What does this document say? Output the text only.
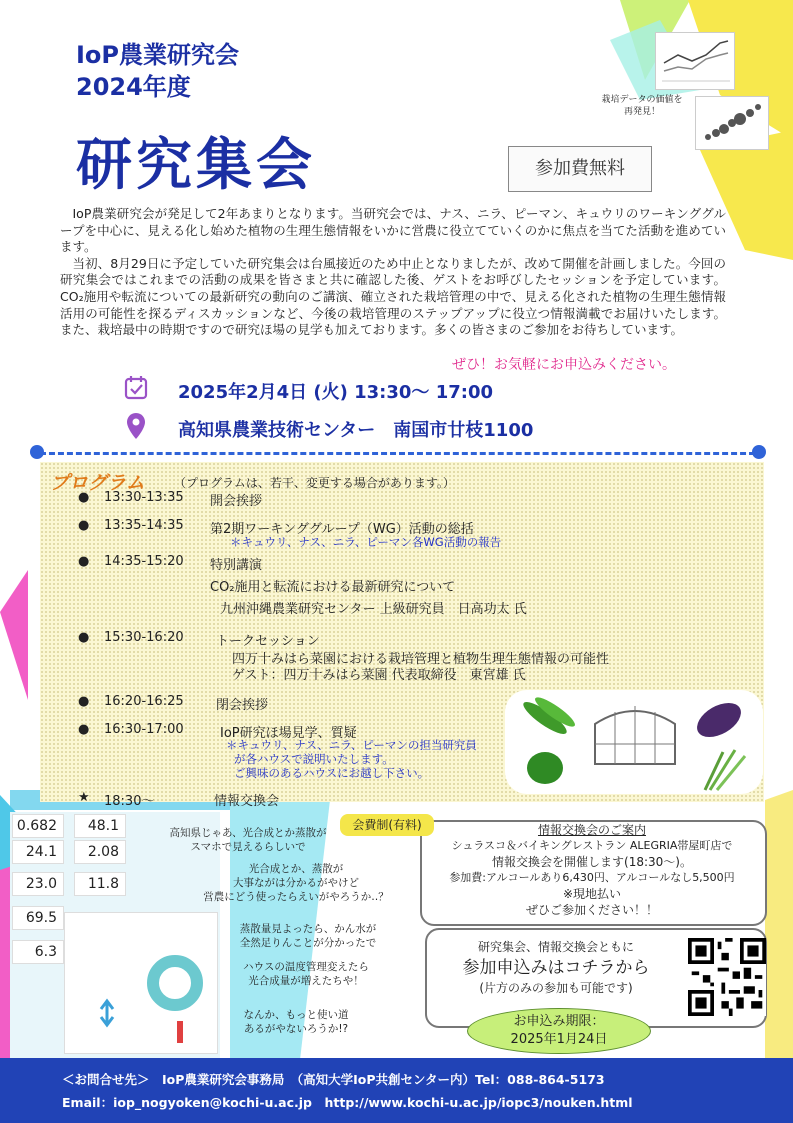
栽培データの価値を
再発見！
IoP農業研究会
2024年度
研究集会	参加費無料

IoP農業研究会が発足して2年あまりとなります。当研究会では、ナス、ニラ、ピーマン、キュウリのワーキンググループを中心に、見える化し始めた植物の生理生態情報をいかに営農に役立てていくのかに焦点を当てた活動を進めています。

当初、8月29日に予定していた研究集会は台風接近のため中止となりましたが、改めて開催を計画しました。今回の研究集会ではこれまでの活動の成果を皆さまと共に確認した後、ゲストをお呼びしたセッションを予定しています。CO₂施用や転流についての最新研究の動向のご講演、確立された栽培管理の中で、見える化された植物の生理生態情報活用の可能性を探るディスカッションなど、今後の栽培管理のステップアップに役立つ情報満載でお届けいたします。また、栽培最中の時期ですので研究ほ場の見学も加えております。多くの皆さまのご参加をお待ちしています。

ぜひ！お気軽にお申込みください。
2025年2月4日 (火) 13:30～ 17:00
高知県農業技術センター　南国市廿枝1100
プログラム （プログラムは、若干、変更する場合があります。）
● 13:30-13:35 開会挨拶
● 13:35-14:35 第2期ワーキンググループ（WG）活動の総括
＊キュウリ、ナス、ニラ、ピーマン各WG活動の報告
● 14:35-15:20 特別講演
CO₂施用と転流における最新研究について
九州沖縄農業研究センター 上級研究員　日高功太 氏
● 15:30-16:20 トークセッション
四万十みはら菜園における栽培管理と植物生理生態情報の可能性
ゲスト：四万十みはら菜園 代表取締役　東宮雄 氏
● 16:20-16:25 閉会挨拶
● 16:30-17:00	IoP研究ほ場見学、質疑
＊キュウリ、ナス、ニラ、ピーマンの担当研究員
が各ハウスで説明いたします。
ご興味のあるハウスにお越し下さい。
★ 18:30～	情報交換会
0.682 48.1
24.1 2.08
23.0 11.8
69.5
6.3
高知県じゃあ、光合成とか蒸散が
スマホで見えるらしいで
光合成とか、蒸散が
大事ながは分かるがやけど
営農にどう使ったらえいがやろうか‥？
蒸散量見よったら、かん水が
全然足りんことが分かったで
ハウスの温度管理変えたら
光合成量が増えたちや！
なんか、もっと使い道
あるがやないろうか!?
会費制(有料)	情報交換会のご案内
シュラスコ＆バイキングレストラン ALEGRIA帯屋町店で
情報交換会を開催します(18:30～)。
参加費:アルコールあり6,430円、アルコールなし5,500円
※現地払い
ぜひご参加ください！！
研究集会、情報交換会ともに
参加申込みはコチラから
(片方のみの参加も可能です)
お申込み期限：
2025年1月24日
＜お問合せ先＞　IoP農業研究会事務局　（高知大学IoP共創センター内）Tel：088-864-5173
Email：iop_nogyoken@kochi-u.ac.jp　http://www.kochi-u.ac.jp/iopc3/nouken.html
